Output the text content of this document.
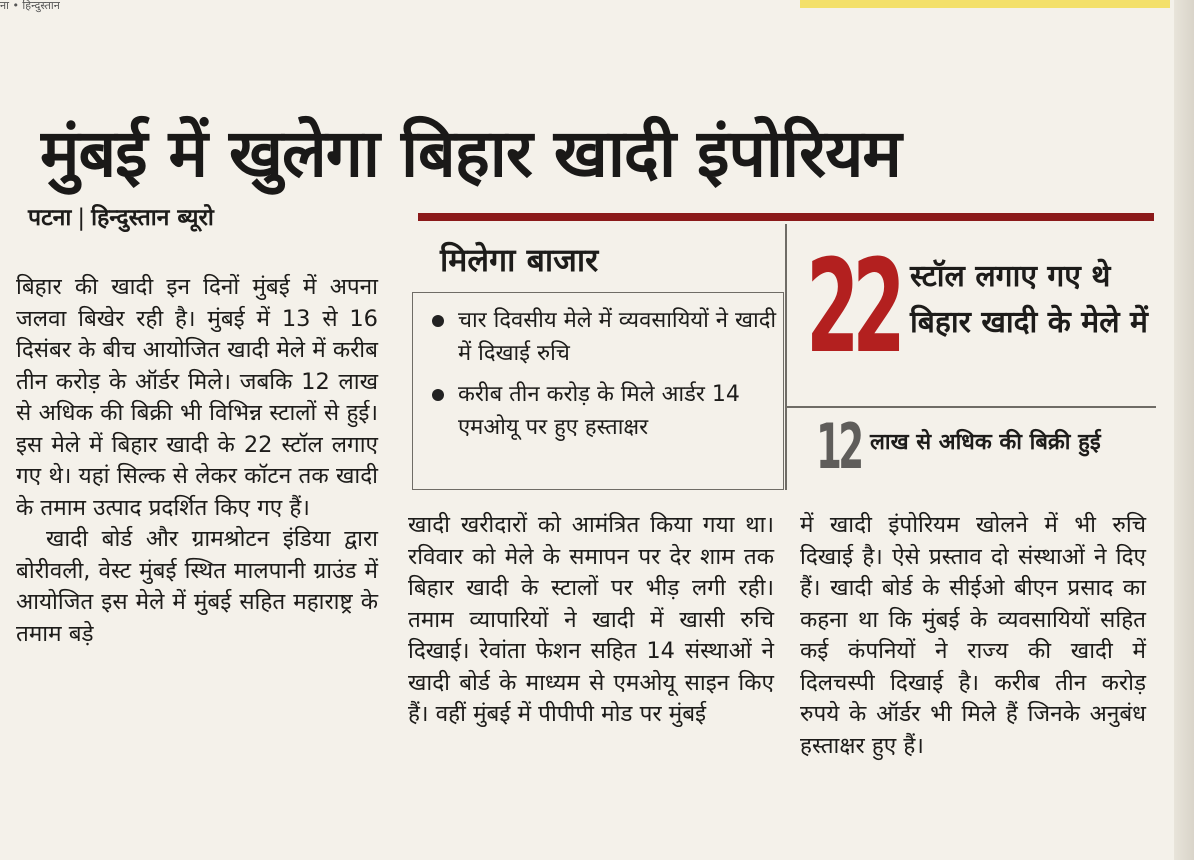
ना • हिन्दुस्तान
मुंबई में खुलेगा बिहार खादी इंपोरियम
पटना | हिन्दुस्तान ब्यूरो

बिहार की खादी इन दिनों मुंबई में अपना जलवा बिखेर रही है। मुंबई में 13 से 16 दिसंबर के बीच आयोजित खादी मेले में करीब तीन करोड़ के ऑर्डर मिले। जबकि 12 लाख से अधिक की बिक्री भी विभिन्न स्टालों से हुई। इस मेले में बिहार खादी के 22 स्टॉल लगाए गए थे। यहां सिल्क से लेकर कॉटन तक खादी के तमाम उत्पाद प्रदर्शित किए गए हैं।

खादी बोर्ड और ग्रामश्रोटन इंडिया द्वारा बोरीवली, वेस्ट मुंबई स्थित मालपानी ग्राउंड में आयोजित इस मेले में मुंबई सहित महाराष्ट्र के तमाम बड़े

मिलेगा बाजार
चार दिवसीय मेले में व्यवसायियों ने खादी में दिखाई रुचि
करीब तीन करोड़ के मिले आर्डर 14 एमओयू पर हुए हस्ताक्षर
22 स्टॉल लगाए गए थे बिहार खादी के मेले में
12 लाख से अधिक की बिक्री हुई

खादी खरीदारों को आमंत्रित किया गया था। रविवार को मेले के समापन पर देर शाम तक बिहार खादी के स्टालों पर भीड़ लगी रही। तमाम व्यापारियों ने खादी में खासी रुचि दिखाई। रेवांता फेशन सहित 14 संस्थाओं ने खादी बोर्ड के माध्यम से एमओयू साइन किए हैं। वहीं मुंबई में पीपीपी मोड पर मुंबई

में खादी इंपोरियम खोलने में भी रुचि दिखाई है। ऐसे प्रस्ताव दो संस्थाओं ने दिए हैं। खादी बोर्ड के सीईओ बीएन प्रसाद का कहना था कि मुंबई के व्यवसायियों सहित कई कंपनियों ने राज्य की खादी में दिलचस्पी दिखाई है। करीब तीन करोड़ रुपये के ऑर्डर भी मिले हैं जिनके अनुबंध हस्ताक्षर हुए हैं।
